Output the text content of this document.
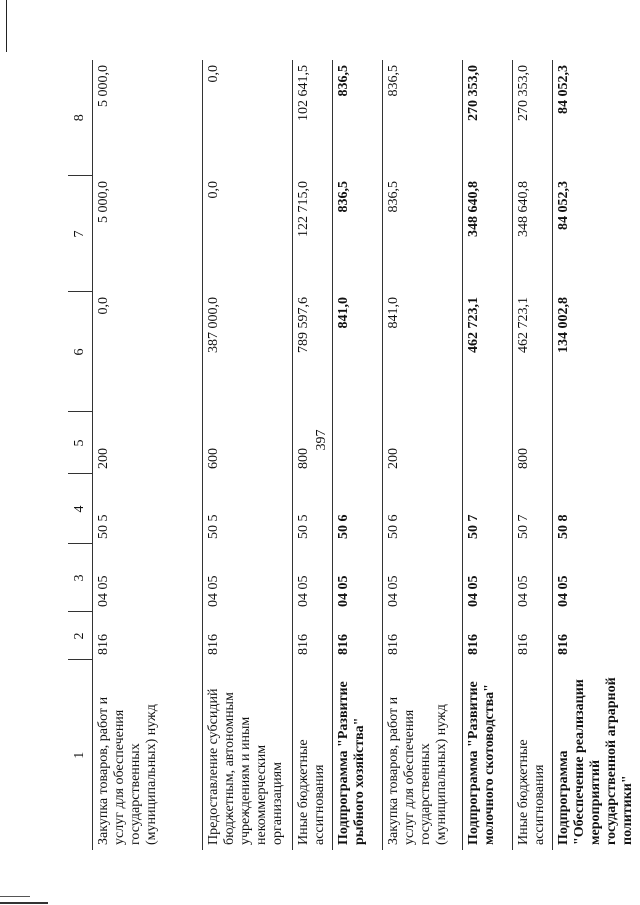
397
1	2	3	4	5	6	7	8
Закупка товаров, работ и услуг для обеспечения государственных (муниципальных) нужд	816	04 05	50 5	200	0,0	5 000,0	5 000,0
Предоставление субсидий бюджетным, автономным учреждениям и иным некоммерческим организациям	816	04 05	50 5	600	387 000,0	0,0	0,0
Иные бюджетные ассигнования	816	04 05	50 5	800	789 597,6	122 715,0	102 641,5
Подпрограмма "Развитие рыбного хозяйства"	816	04 05	50 6		841,0	836,5	836,5
Закупка товаров, работ и услуг для обеспечения государственных (муниципальных) нужд	816	04 05	50 6	200	841,0	836,5	836,5
Подпрограмма "Развитие молочного скотоводства"	816	04 05	50 7		462 723,1	348 640,8	270 353,0
Иные бюджетные ассигнования	816	04 05	50 7	800	462 723,1	348 640,8	270 353,0
Подпрограмма "Обеспечение реализации мероприятий государственной аграрной политики"	816	04 05	50 8		134 002,8	84 052,3	84 052,3
